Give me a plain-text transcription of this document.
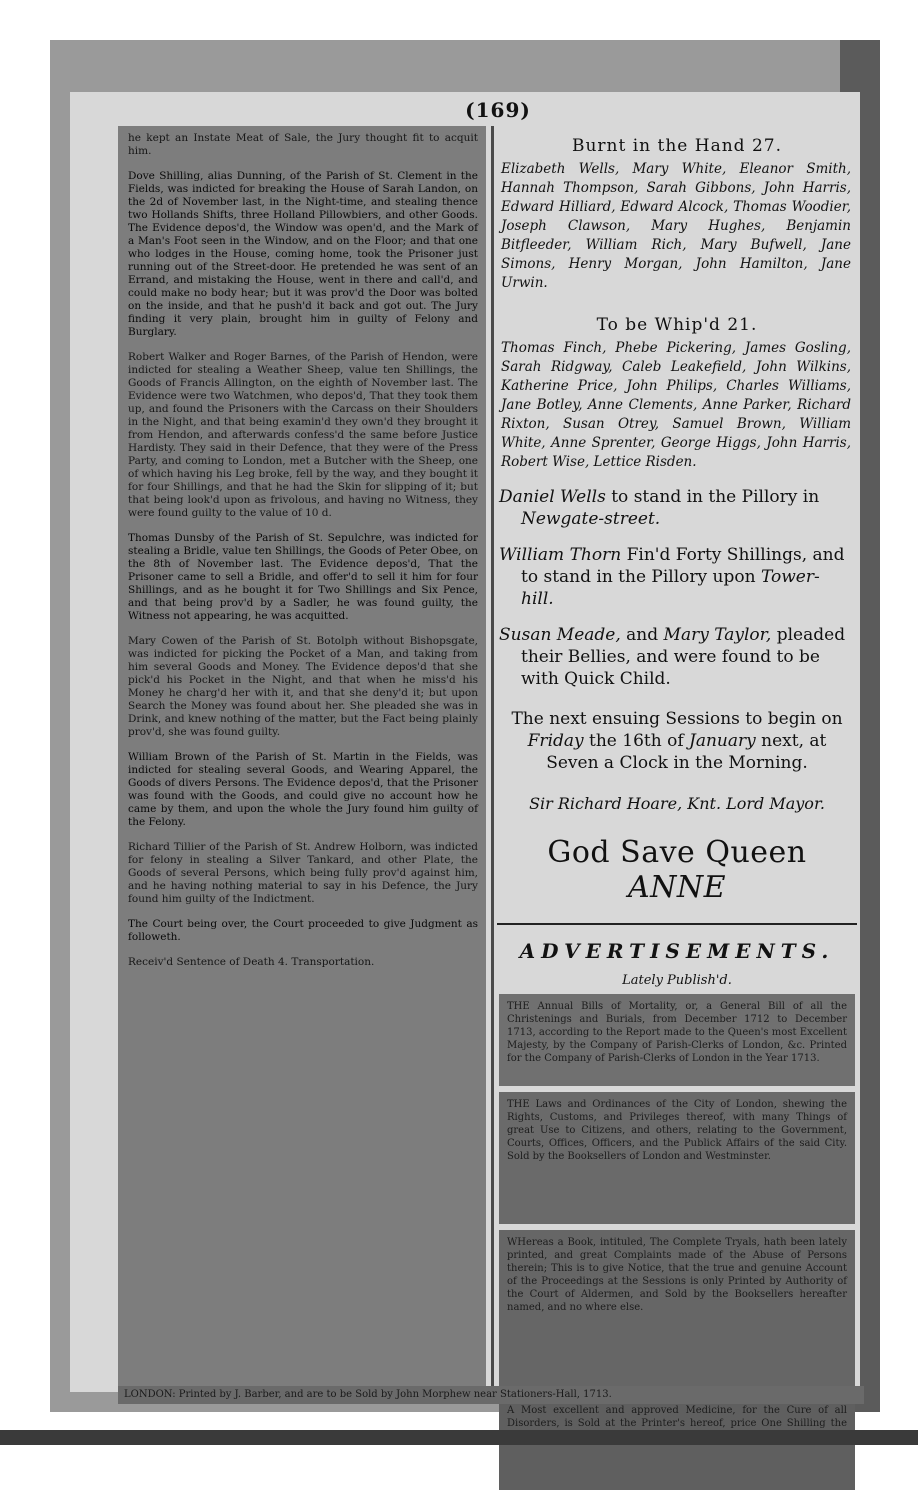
(169)

he kept an Instate Meat of Sale, the Jury thought fit to acquit him.

Dove Shilling, alias Dunning, of the Parish of St. Clement in the Fields, was indicted for breaking the House of Sarah Landon, on the 2d of November last, in the Night-time, and stealing thence two Hollands Shifts, three Holland Pillowbiers, and other Goods. The Evidence depos'd, the Window was open'd, and the Mark of a Man's Foot seen in the Window, and on the Floor; and that one who lodges in the House, coming home, took the Prisoner just running out of the Street-door. He pretended he was sent of an Errand, and mistaking the House, went in there and call'd, and could make no body hear; but it was prov'd the Door was bolted on the inside, and that he push'd it back and got out. The Jury finding it very plain, brought him in guilty of Felony and Burglary.

Robert Walker and Roger Barnes, of the Parish of Hendon, were indicted for stealing a Weather Sheep, value ten Shillings, the Goods of Francis Allington, on the eighth of November last. The Evidence were two Watchmen, who depos'd, That they took them up, and found the Prisoners with the Carcass on their Shoulders in the Night, and that being examin'd they own'd they brought it from Hendon, and afterwards confess'd the same before Justice Hardisty. They said in their Defence, that they were of the Press Party, and coming to London, met a Butcher with the Sheep, one of which having his Leg broke, fell by the way, and they bought it for four Shillings, and that he had the Skin for slipping of it; but that being look'd upon as frivolous, and having no Witness, they were found guilty to the value of 10 d.

Thomas Dunsby of the Parish of St. Sepulchre, was indicted for stealing a Bridle, value ten Shillings, the Goods of Peter Obee, on the 8th of November last. The Evidence depos'd, That the Prisoner came to sell a Bridle, and offer'd to sell it him for four Shillings, and as he bought it for Two Shillings and Six Pence, and that being prov'd by a Sadler, he was found guilty, the Witness not appearing, he was acquitted.

Mary Cowen of the Parish of St. Botolph without Bishopsgate, was indicted for picking the Pocket of a Man, and taking from him several Goods and Money. The Evidence depos'd that she pick'd his Pocket in the Night, and that when he miss'd his Money he charg'd her with it, and that she deny'd it; but upon Search the Money was found about her. She pleaded she was in Drink, and knew nothing of the matter, but the Fact being plainly prov'd, she was found guilty.

William Brown of the Parish of St. Martin in the Fields, was indicted for stealing several Goods, and Wearing Apparel, the Goods of divers Persons. The Evidence depos'd, that the Prisoner was found with the Goods, and could give no account how he came by them, and upon the whole the Jury found him guilty of the Felony.

Richard Tillier of the Parish of St. Andrew Holborn, was indicted for felony in stealing a Silver Tankard, and other Plate, the Goods of several Persons, which being fully prov'd against him, and he having nothing material to say in his Defence, the Jury found him guilty of the Indictment.

The Court being over, the Court proceeded to give Judgment as followeth.

Receiv'd Sentence of Death 4. Transportation.

Burnt in the Hand 27.

Elizabeth Wells, Mary White, Eleanor Smith, Hannah Thompson, Sarah Gibbons, John Harris, Edward Hilliard, Edward Alcock, Thomas Woodier, Joseph Clawson, Mary Hughes, Benjamin Bitfleeder, William Rich, Mary Bufwell, Jane Simons, Henry Morgan, John Hamilton, Jane Urwin.

To be Whip'd 21.

Thomas Finch, Phebe Pickering, James Gosling, Sarah Ridgway, Caleb Leakefield, John Wilkins, Katherine Price, John Philips, Charles Williams, Jane Botley, Anne Clements, Anne Parker, Richard Rixton, Susan Otrey, Samuel Brown, William White, Anne Sprenter, George Higgs, John Harris, Robert Wise, Lettice Risden.

Daniel Wells to stand in the Pillory in Newgate-street.

William Thorn Fin'd Forty Shillings, and to stand in the Pillory upon Tower-hill.

Susan Meade, and Mary Taylor, pleaded their Bellies, and were found to be with Quick Child.

The next ensuing Sessions to begin on Friday the 16th of January next, at Seven a Clock in the Morning.

Sir Richard Hoare, Knt. Lord Mayor.

God Save Queen ANNE
ADVERTISEMENTS.
Lately Publish'd.

THE Annual Bills of Mortality, or, a General Bill of all the Christenings and Burials, from December 1712 to December 1713, according to the Report made to the Queen's most Excellent Majesty, by the Company of Parish-Clerks of London, &c. Printed for the Company of Parish-Clerks of London in the Year 1713.

THE Laws and Ordinances of the City of London, shewing the Rights, Customs, and Privileges thereof, with many Things of great Use to Citizens, and others, relating to the Government, Courts, Offices, Officers, and the Publick Affairs of the said City. Sold by the Booksellers of London and Westminster.

WHereas a Book, intituled, The Complete Tryals, hath been lately printed, and great Complaints made of the Abuse of Persons therein; This is to give Notice, that the true and genuine Account of the Proceedings at the Sessions is only Printed by Authority of the Court of Aldermen, and Sold by the Booksellers hereafter named, and no where else.

A Most excellent and approved Medicine, for the Cure of all Disorders, is Sold at the Printer's hereof, price One Shilling the

LONDON: Printed by J. Barber, and are to be Sold by John Morphew near Stationers-Hall, 1713.
